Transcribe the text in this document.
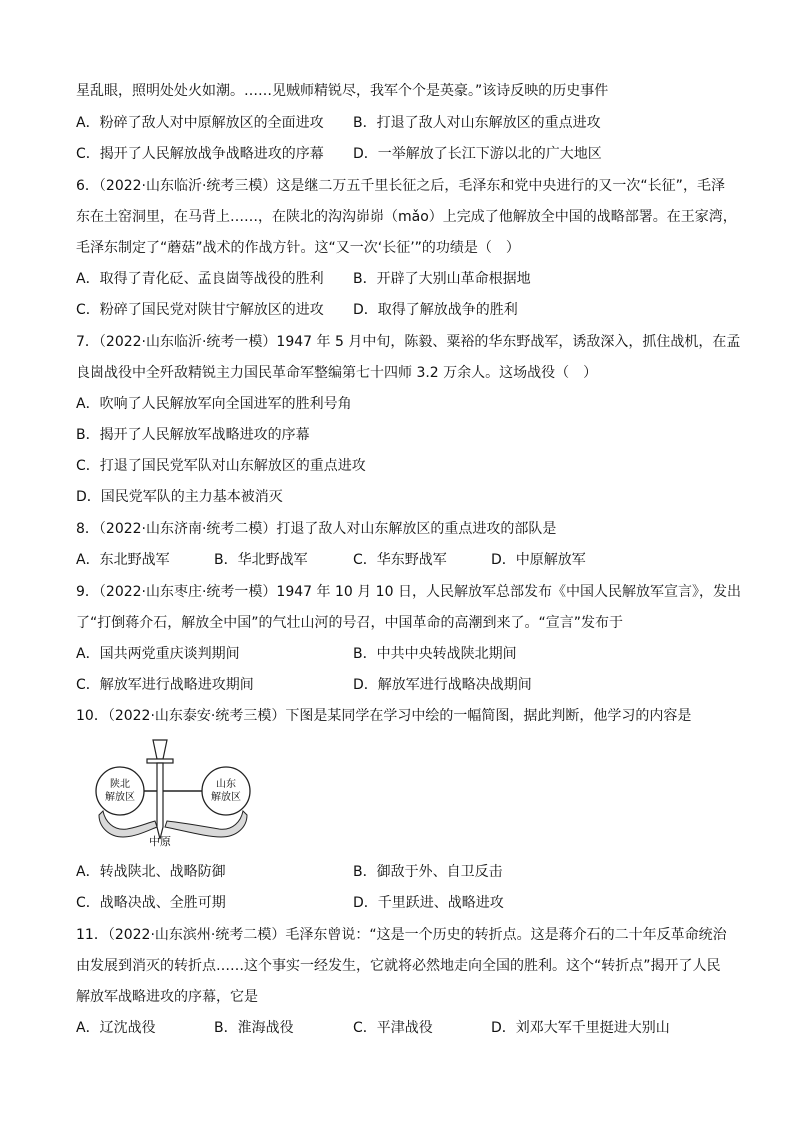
星乱眼，照明处处火如潮。……见贼师精锐尽，我军个个是英豪。”该诗反映的历史事件
A．粉碎了敌人对中原解放区的全面进攻 B．打退了敌人对山东解放区的重点进攻
C．揭开了人民解放战争战略进攻的序幕 D．一举解放了长江下游以北的广大地区
6．（2022·山东临沂·统考三模）这是继二万五千里长征之后，毛泽东和党中央进行的又一次“长征”，毛泽
东在土窑洞里，在马背上……，在陕北的沟沟峁峁（mǎo）上完成了他解放全中国的战略部署。在王家湾，
毛泽东制定了“蘑菇”战术的作战方针。这“又一次‘长征’”的功绩是（　）
A．取得了青化砭、孟良崮等战役的胜利 B．开辟了大别山革命根据地
C．粉碎了国民党对陕甘宁解放区的进攻 D．取得了解放战争的胜利
7．（2022·山东临沂·统考一模）1947 年 5 月中旬，陈毅、粟裕的华东野战军，诱敌深入，抓住战机，在孟
良崮战役中全歼敌精锐主力国民革命军整编第七十四师 3.2 万余人。这场战役（　）
A．吹响了人民解放军向全国进军的胜利号角
B．揭开了人民解放军战略进攻的序幕
C．打退了国民党军队对山东解放区的重点进攻
D．国民党军队的主力基本被消灭
8．（2022·山东济南·统考二模）打退了敌人对山东解放区的重点进攻的部队是
A．东北野战军	B．华北野战军	C．华东野战军	D．中原解放军
9．（2022·山东枣庄·统考一模）1947 年 10 月 10 日，人民解放军总部发布《中国人民解放军宣言》，发出
了“打倒蒋介石，解放全中国”的气壮山河的号召，中国革命的高潮到来了。“宣言”发布于
A．国共两党重庆谈判期间	B．中共中央转战陕北期间
C．解放军进行战略进攻期间	D．解放军进行战略决战期间
10．（2022·山东泰安·统考三模）下图是某同学在学习中绘的一幅简图，据此判断，他学习的内容是
陕北
解放区
山东
解放区
中原
A．转战陕北、战略防御	B．御敌于外、自卫反击
C．战略决战、全胜可期	D．千里跃进、战略进攻
11．（2022·山东滨州·统考二模）毛泽东曾说：“这是一个历史的转折点。这是蒋介石的二十年反革命统治
由发展到消灭的转折点……这个事实一经发生，它就将必然地走向全国的胜利。这个“转折点”揭开了人民
解放军战略进攻的序幕，它是
A．辽沈战役	B．淮海战役	C．平津战役	D．刘邓大军千里挺进大别山
